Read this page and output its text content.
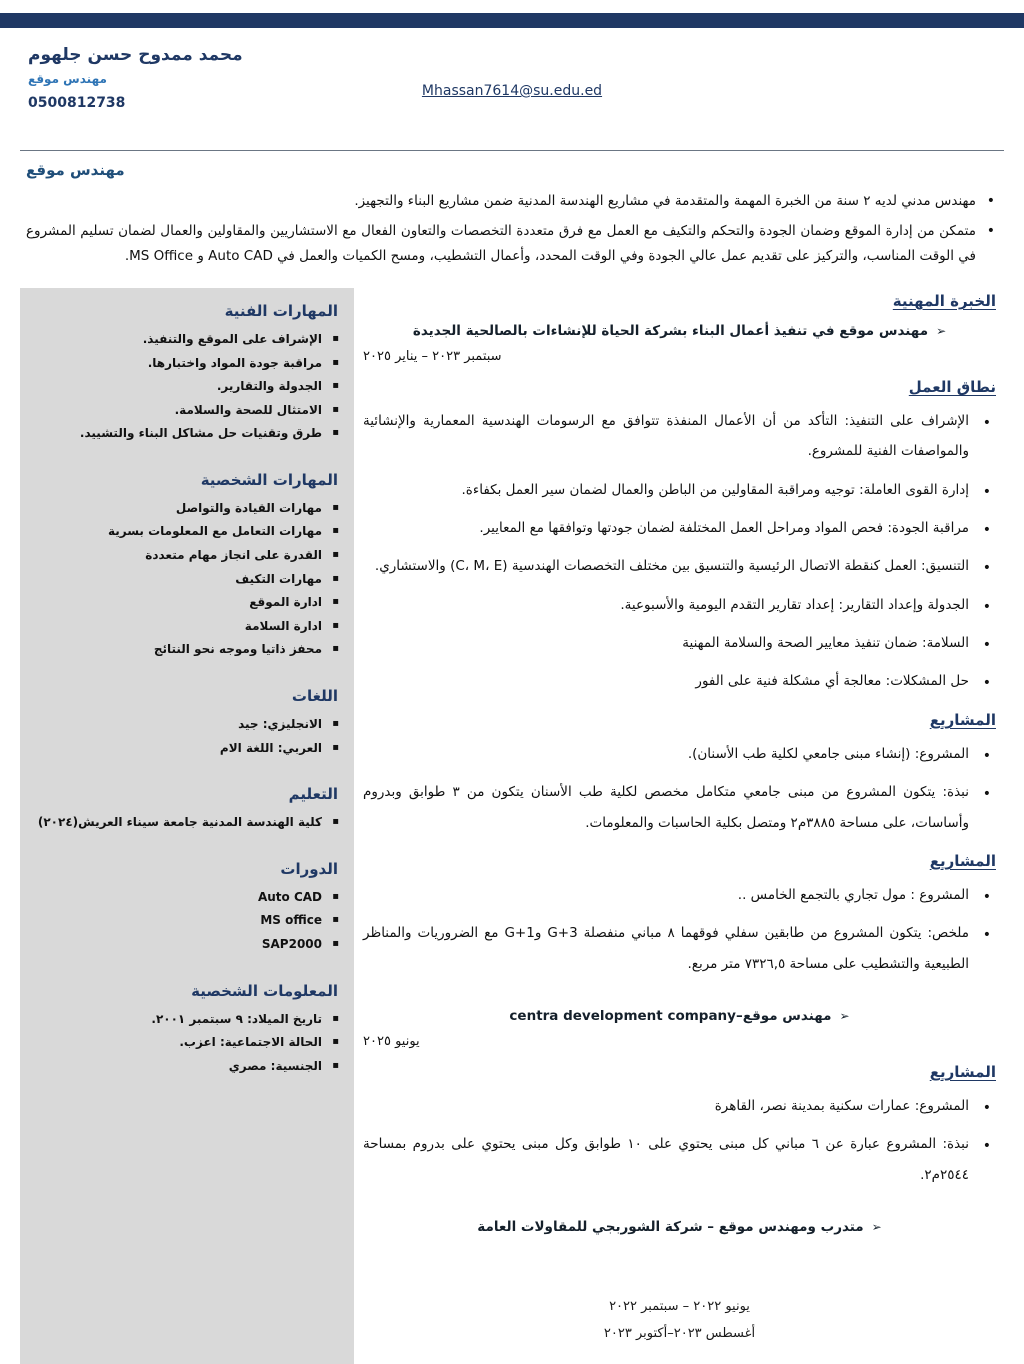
محمد ممدوح حسن جلهوم
مهندس موقع
0500812738
Mhassan7614@su.edu.ed
مهندس موقع
• مهندس مدني لديه ٢ سنة من الخبرة المهمة والمتقدمة في مشاريع الهندسة المدنية ضمن مشاريع البناء والتجهيز.
• متمكن من إدارة الموقع وضمان الجودة والتحكم والتكيف مع العمل مع فرق متعددة التخصصات والتعاون الفعال مع الاستشاريين والمقاولين والعمال لضمان تسليم المشروع في الوقت المناسب، والتركيز على تقديم عمل عالي الجودة وفي الوقت المحدد، وأعمال التشطيب، ومسح الكميات والعمل في Auto CAD و MS Office.
المهارات الفنية
▪ الإشراف على الموقع والتنفيذ.
▪ مراقبة جودة المواد واختبارها.
▪ الجدولة والتقارير.
▪ الامتثال للصحة والسلامة.
▪ طرق وتقنيات حل مشاكل البناء والتشييد.
المهارات الشخصية
▪ مهارات القيادة والتواصل
▪ مهارات التعامل مع المعلومات بسرية
▪ القدرة على انجاز مهام متعددة
▪ مهارات التكيف
▪ ادارة الموقع
▪ ادارة السلامة
▪ محفز ذاتيا وموجه نحو النتائج
اللغات
▪ الانجليزي: جيد
▪ العربي: اللغة الام
التعليم
▪ كلية الهندسة المدنية جامعة سيناء العريش(٢٠٢٤)
الدورات
▪ Auto CAD
▪ MS office
▪ SAP2000
المعلومات الشخصية
▪ تاريخ الميلاد: ٩ سبتمبر ٢٠٠١.
▪ الحالة الاجتماعية: اعزب.
▪ الجنسية: مصري
الخبرة المهنية

➢مهندس موقع في تنفيذ أعمال البناء بشركة الحياة للإنشاءات بالصالحية الجديدة

سبتمبر ٢٠٢٣ – يناير ٢٠٢٥

نطاق العمل
• الإشراف على التنفيذ: التأكد من أن الأعمال المنفذة تتوافق مع الرسومات الهندسية المعمارية والإنشائية والمواصفات الفنية للمشروع.
• إدارة القوى العاملة: توجيه ومراقبة المقاولين من الباطن والعمال لضمان سير العمل بكفاءة.
• مراقبة الجودة: فحص المواد ومراحل العمل المختلفة لضمان جودتها وتوافقها مع المعايير.
• التنسيق: العمل كنقطة الاتصال الرئيسية والتنسيق بين مختلف التخصصات الهندسية (C، M، E) والاستشاري.
• الجدولة وإعداد التقارير: إعداد تقارير التقدم اليومية والأسبوعية.
• السلامة: ضمان تنفيذ معايير الصحة والسلامة المهنية
• حل المشكلات: معالجة أي مشكلة فنية على الفور
المشاريع
• المشروع: (إنشاء مبنى جامعي لكلية طب الأسنان).
• نبذة: يتكون المشروع من مبنى جامعي متكامل مخصص لكلية طب الأسنان يتكون من ٣ طوابق وبدروم وأساسات، على مساحة ٣٨٨٥م٢ ومتصل بكلية الحاسبات والمعلومات.
المشاريع
• المشروع : مول تجاري بالتجمع الخامس ..
• ملخص: يتكون المشروع من طابقين سفلي فوقهما ٨ مباني منفصلة G+3 وG+1 مع الضروريات والمناظر الطبيعية والتشطيب على مساحة ٧٣٢٦,٥ متر مربع.

➢مهندس موقع–centra development company

يونيو ٢٠٢٥

المشاريع
• المشروع: عمارات سكنية بمدينة نصر، القاهرة
• نبذة: المشروع عبارة عن ٦ مباني كل مبنى يحتوي على ١٠ طوابق وكل مبنى يحتوي على بدروم بمساحة ٢٥٤٤م٢.

➢متدرب ومهندس موقع – شركة الشوربجي للمقاولات العامة

يونيو ٢٠٢٢ – سبتمبر ٢٠٢٢
أغسطس ٢٠٢٣–أكتوبر ٢٠٢٣
